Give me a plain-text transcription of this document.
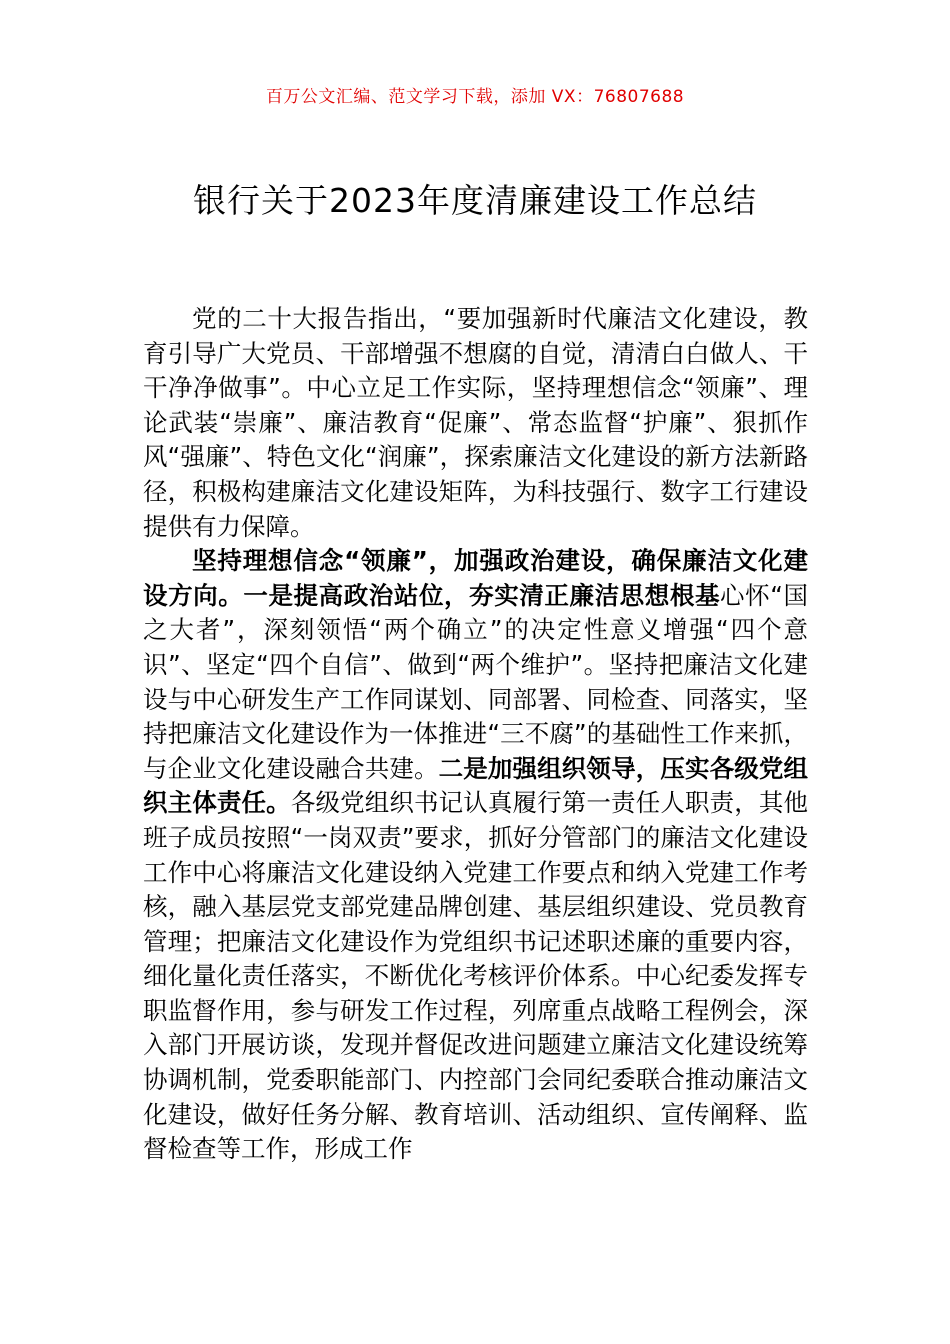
百万公文汇编、范文学习下载，添加 VX：76807688
银行关于2023年度清廉建设工作总结

党的二十大报告指出，“要加强新时代廉洁文化建设，教育引导广大党员、干部增强不想腐的自觉，清清白白做人、干干净净做事”。中心立足工作实际，坚持理想信念“领廉”、理论武装“崇廉”、廉洁教育“促廉”、常态监督“护廉”、狠抓作风“强廉”、特色文化“润廉”，探索廉洁文化建设的新方法新路径，积极构建廉洁文化建设矩阵，为科技强行、数字工行建设提供有力保障。

坚持理想信念“领廉”，加强政治建设，确保廉洁文化建设方向。一是提高政治站位，夯实清正廉洁思想根基心怀“国之大者”，深刻领悟“两个确立”的决定性意义增强“四个意识”、坚定“四个自信”、做到“两个维护”。坚持把廉洁文化建设与中心研发生产工作同谋划、同部署、同检查、同落实，坚持把廉洁文化建设作为一体推进“三不腐”的基础性工作来抓，与企业文化建设融合共建。二是加强组织领导，压实各级党组织主体责任。各级党组织书记认真履行第一责任人职责，其他班子成员按照“一岗双责”要求，抓好分管部门的廉洁文化建设工作中心将廉洁文化建设纳入党建工作要点和纳入党建工作考核，融入基层党支部党建品牌创建、基层组织建设、党员教育管理；把廉洁文化建设作为党组织书记述职述廉的重要内容，细化量化责任落实，不断优化考核评价体系。中心纪委发挥专职监督作用，参与研发工作过程，列席重点战略工程例会，深入部门开展访谈，发现并督促改进问题建立廉洁文化建设统筹协调机制，党委职能部门、内控部门会同纪委联合推动廉洁文化建设，做好任务分解、教育培训、活动组织、宣传阐释、监督检查等工作，形成工作
